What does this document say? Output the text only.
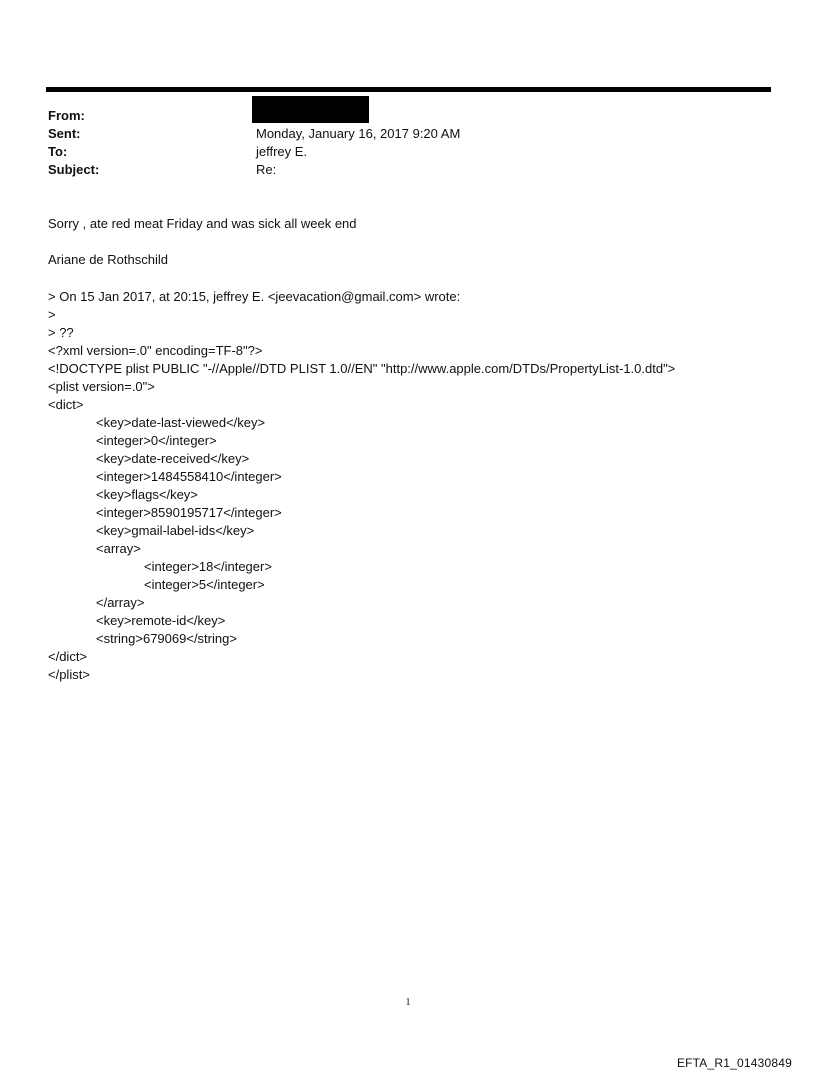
From:
Sent:	Monday, January 16, 2017 9:20 AM
To:	jeffrey E.
Subject:	Re:
Sorry , ate red meat Friday and was sick all week end
Ariane de Rothschild
> On 15 Jan 2017, at 20:15, jeffrey E. <jeevacation@gmail.com> wrote:
>
> ??
<?xml version=.0" encoding=TF-8"?>
<!DOCTYPE plist PUBLIC "-//Apple//DTD PLIST 1.0//EN" "http://www.apple.com/DTDs/PropertyList-1.0.dtd">
<plist version=.0">
<dict>
<key>date-last-viewed</key>
<integer>0</integer>
<key>date-received</key>
<integer>1484558410</integer>
<key>flags</key>
<integer>8590195717</integer>
<key>gmail-label-ids</key>
<array>
<integer>18</integer>
<integer>5</integer>
</array>
<key>remote-id</key>
<string>679069</string>
</dict>
</plist>
1
EFTA_R1_01430849
